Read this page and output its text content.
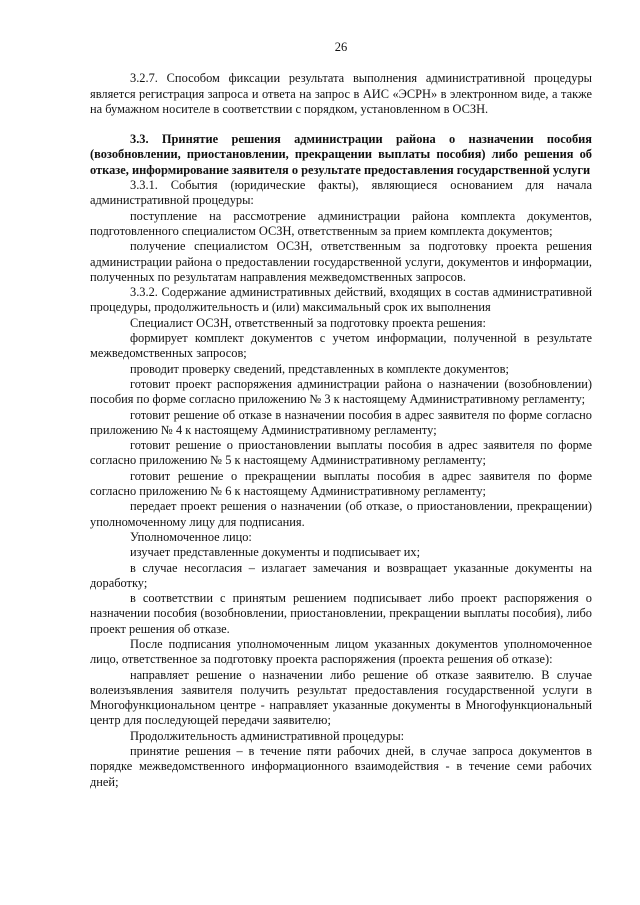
26

3.2.7. Способом фиксации результата выполнения административной процедуры является регистрация запроса и ответа на запрос в АИС «ЭСРН» в электронном виде, а также на бумажном носителе в соответствии с порядком, установленном в ОСЗН.

3.3. Принятие решения администрации района о назначении пособия (возобновлении, приостановлении, прекращении выплаты пособия) либо решения об отказе, информирование заявителя о результате предоставления государственной услуги

3.3.1. События (юридические факты), являющиеся основанием для начала административной процедуры:

поступление на рассмотрение администрации района комплекта документов, подготовленного специалистом ОСЗН, ответственным за прием комплекта документов;

получение специалистом ОСЗН, ответственным за подготовку проекта решения администрации района о предоставлении государственной услуги, документов и информации, полученных по результатам направления межведомственных запросов.

3.3.2. Содержание административных действий, входящих в состав административной процедуры, продолжительность и (или) максимальный срок их выполнения

Специалист ОСЗН, ответственный за подготовку проекта решения:

формирует комплект документов с учетом информации, полученной в результате межведомственных запросов;

проводит проверку сведений, представленных в комплекте документов;

готовит проект распоряжения администрации района о назначении (возобновлении) пособия по форме согласно приложению № 3 к настоящему Административному регламенту;

готовит решение об отказе в назначении пособия в адрес заявителя по форме согласно приложению № 4 к настоящему Административному регламенту;

готовит решение о приостановлении выплаты пособия в адрес заявителя по форме согласно приложению № 5 к настоящему Административному регламенту;

готовит решение о прекращении выплаты пособия в адрес заявителя по форме согласно приложению № 6 к настоящему Административному регламенту;

передает проект решения о назначении (об отказе, о приостановлении, прекращении) уполномоченному лицу для подписания.

Уполномоченное лицо:

изучает представленные документы и подписывает их;

в случае несогласия – излагает замечания и возвращает указанные документы на доработку;

в соответствии с принятым решением подписывает либо проект распоряжения о назначении пособия (возобновлении, приостановлении, прекращении выплаты пособия), либо проект решения об отказе.

После подписания уполномоченным лицом указанных документов уполномоченное лицо, ответственное за подготовку проекта распоряжения (проекта решения об отказе):

направляет решение о назначении либо решение об отказе заявителю. В случае волеизъявления заявителя получить результат предоставления государственной услуги в Многофункциональном центре - направляет указанные документы в Многофункциональный центр для последующей передачи заявителю;

Продолжительность административной процедуры:

принятие решения – в течение пяти рабочих дней, в случае запроса документов в порядке межведомственного информационного взаимодействия - в течение семи рабочих дней;
